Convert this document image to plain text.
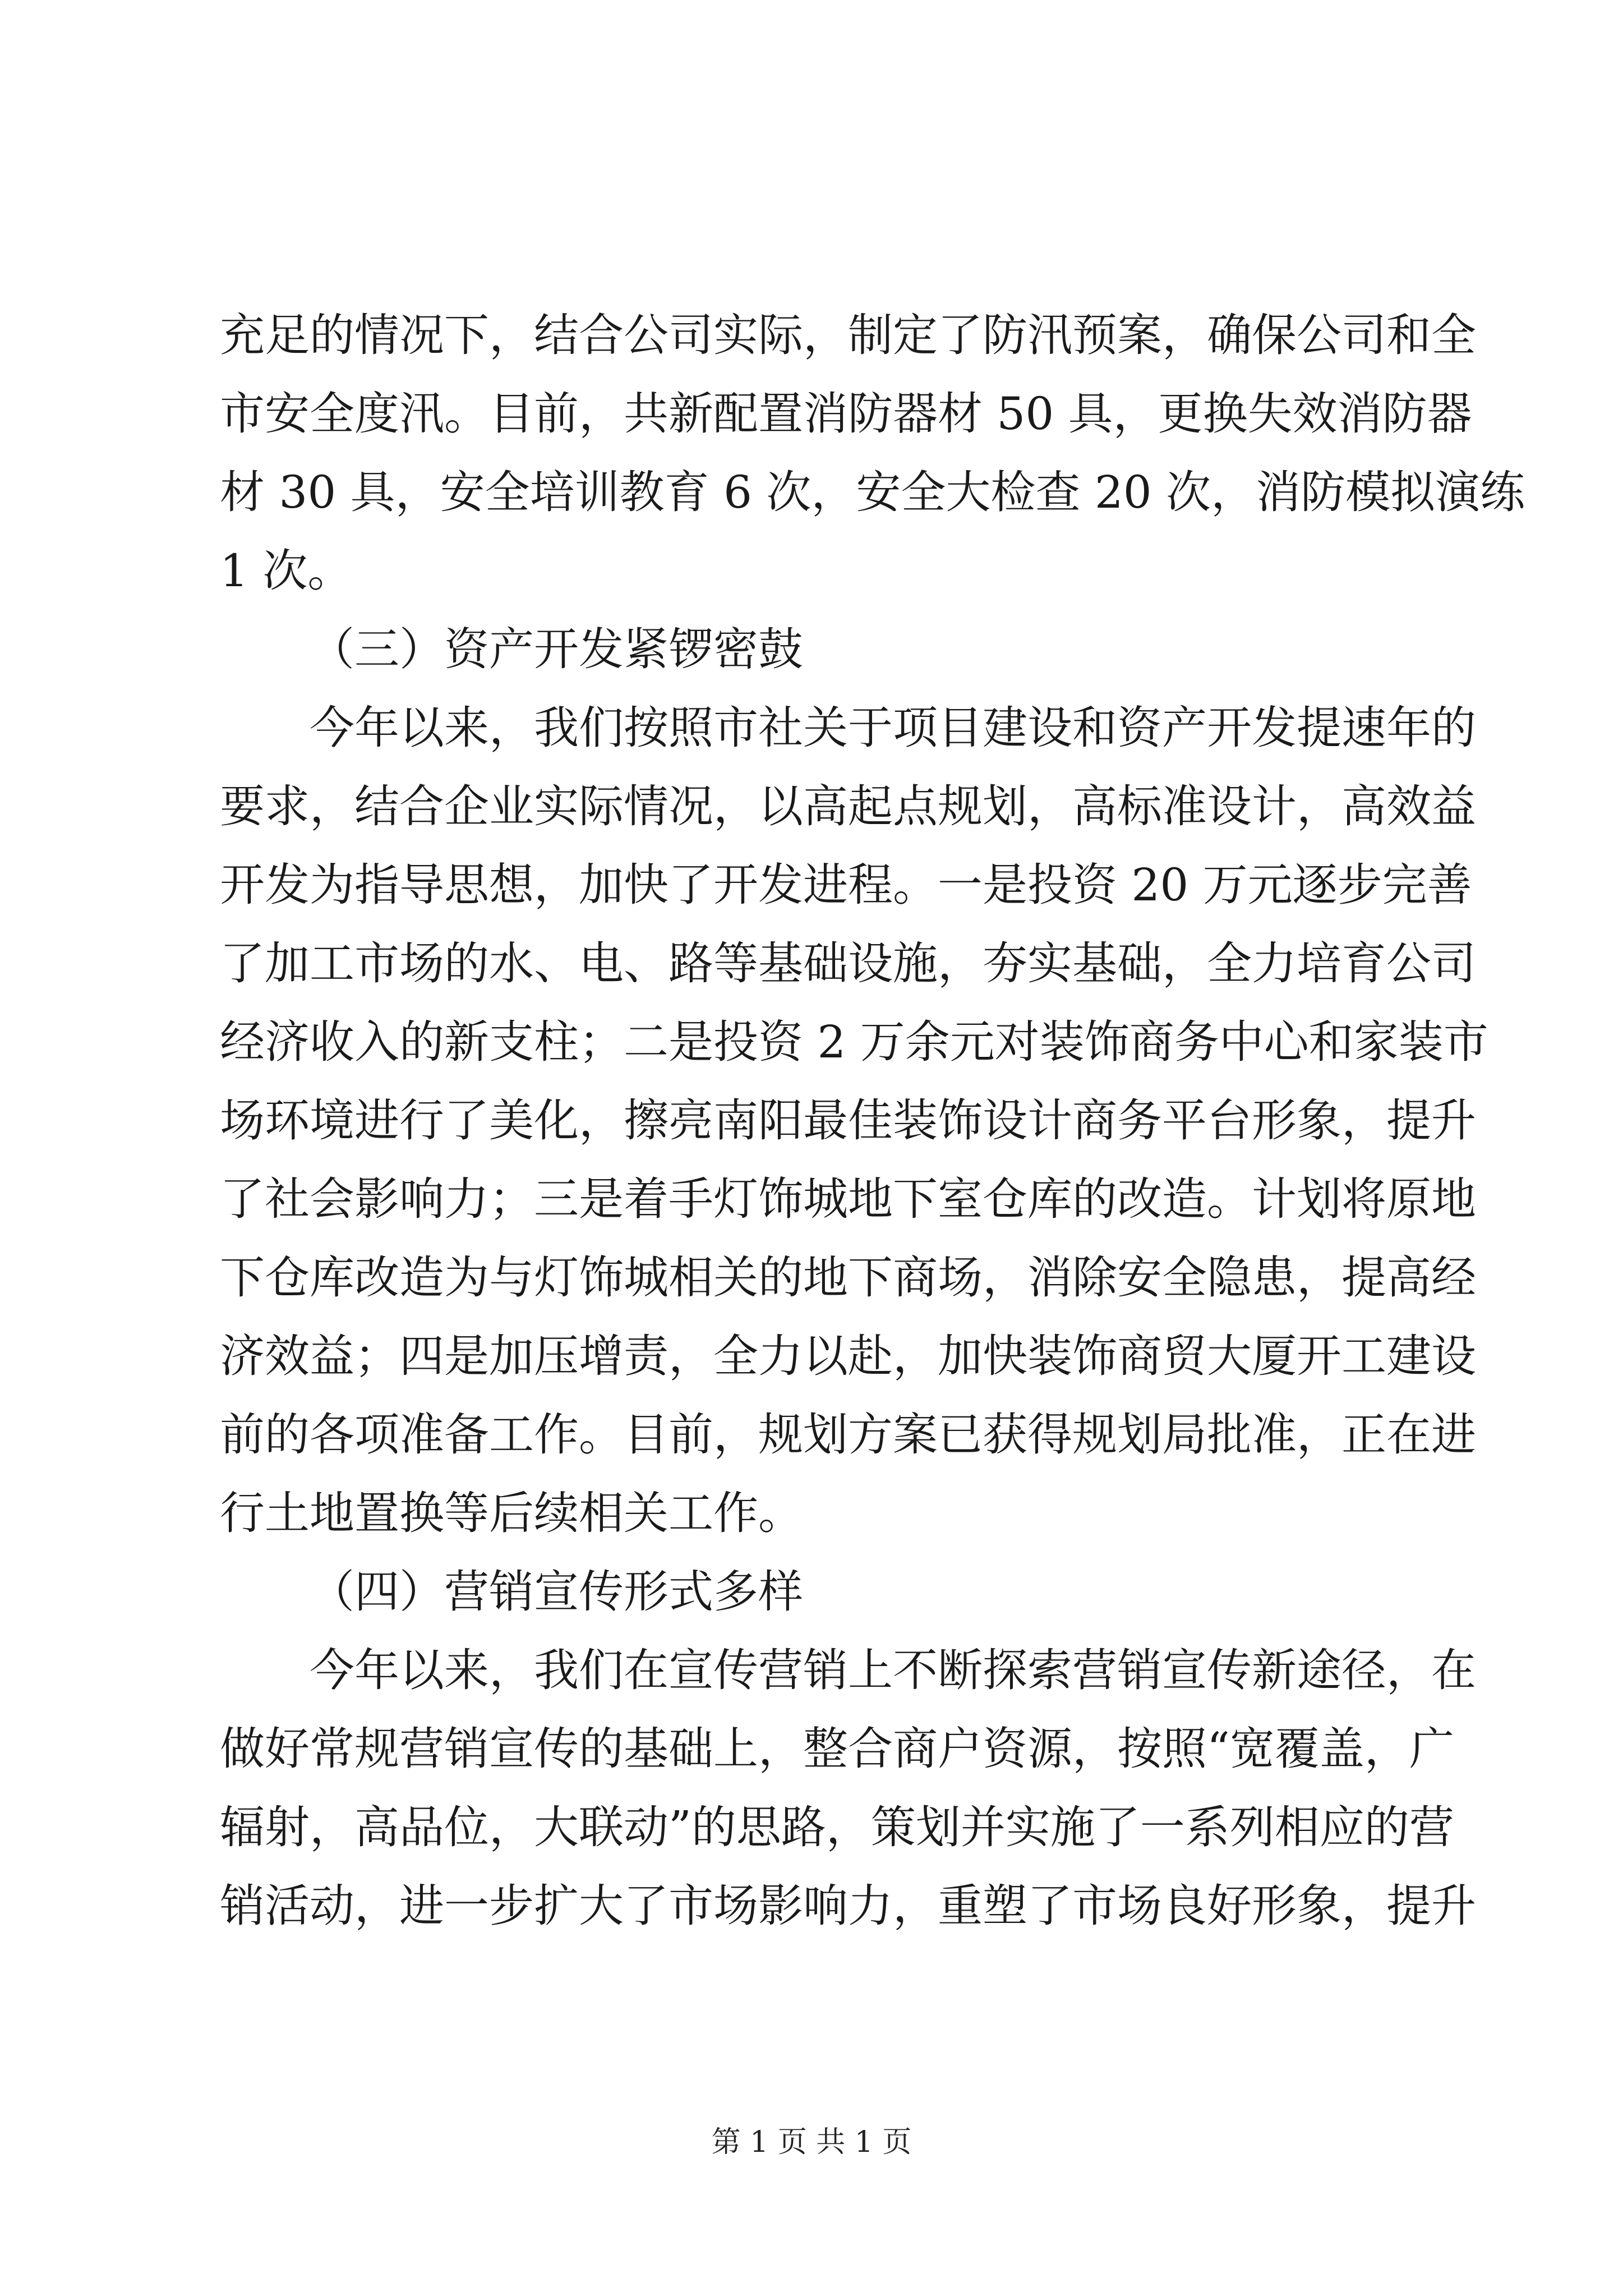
充足的情况下，结合公司实际，制定了防汛预案，确保公司和全
市安全度汛。目前，共新配置消防器材 50 具，更换失效消防器
材 30 具，安全培训教育 6 次，安全大检查 20 次，消防模拟演练
1 次。
（三）资产开发紧锣密鼓
今年以来，我们按照市社关于项目建设和资产开发提速年的
要求，结合企业实际情况，以高起点规划，高标准设计，高效益
开发为指导思想，加快了开发进程。一是投资 20 万元逐步完善
了加工市场的水、电、路等基础设施，夯实基础，全力培育公司
经济收入的新支柱；二是投资 2 万余元对装饰商务中心和家装市
场环境进行了美化，擦亮南阳最佳装饰设计商务平台形象，提升
了社会影响力；三是着手灯饰城地下室仓库的改造。计划将原地
下仓库改造为与灯饰城相关的地下商场，消除安全隐患，提高经
济效益；四是加压增责，全力以赴，加快装饰商贸大厦开工建设
前的各项准备工作。目前，规划方案已获得规划局批准，正在进
行土地置换等后续相关工作。
（四）营销宣传形式多样
今年以来，我们在宣传营销上不断探索营销宣传新途径，在
做好常规营销宣传的基础上，整合商户资源，按照“宽覆盖，广
辐射，高品位，大联动”的思路，策划并实施了一系列相应的营
销活动，进一步扩大了市场影响力，重塑了市场良好形象，提升
第 1 页 共 1 页
